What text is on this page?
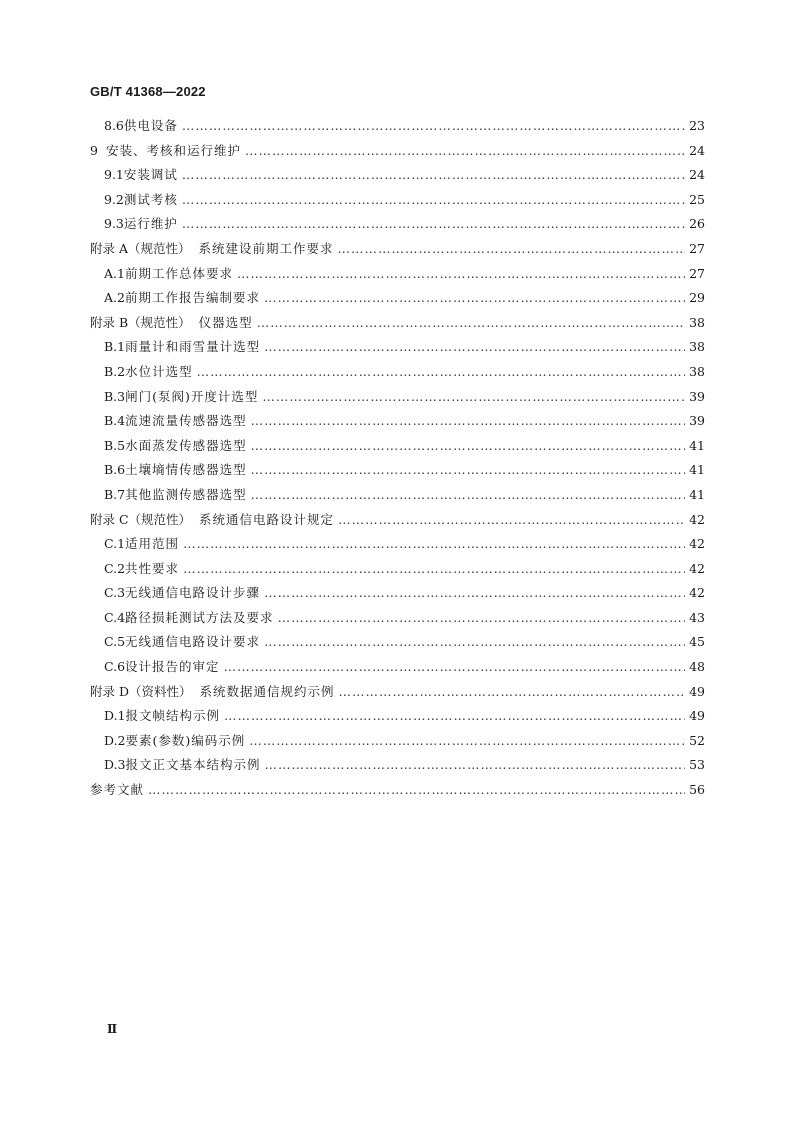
GB/T 41368—2022
8.6 供电设备 …………………………………………………………………………………………………………………………………………………………………………………………	23
9 安装、考核和运行维护 …………………………………………………………………………………………………………………………………………………………………………………………	24
9.1 安装调试 …………………………………………………………………………………………………………………………………………………………………………………………	24
9.2 测试考核 …………………………………………………………………………………………………………………………………………………………………………………………	25
9.3 运行维护 …………………………………………………………………………………………………………………………………………………………………………………………	26
附录 A（规范性） 系统建设前期工作要求 …………………………………………………………………………………………………………………………………………………………………………………………	27
A.1 前期工作总体要求 …………………………………………………………………………………………………………………………………………………………………………………………	27
A.2 前期工作报告编制要求 …………………………………………………………………………………………………………………………………………………………………………………………	29
附录 B（规范性） 仪器选型 …………………………………………………………………………………………………………………………………………………………………………………………	38
B.1 雨量计和雨雪量计选型 …………………………………………………………………………………………………………………………………………………………………………………………	38
B.2 水位计选型 …………………………………………………………………………………………………………………………………………………………………………………………	38
B.3 闸门(泵阀)开度计选型 …………………………………………………………………………………………………………………………………………………………………………………………	39
B.4 流速流量传感器选型 …………………………………………………………………………………………………………………………………………………………………………………………	39
B.5 水面蒸发传感器选型 …………………………………………………………………………………………………………………………………………………………………………………………	41
B.6 土壤墒情传感器选型 …………………………………………………………………………………………………………………………………………………………………………………………	41
B.7 其他监测传感器选型 …………………………………………………………………………………………………………………………………………………………………………………………	41
附录 C（规范性） 系统通信电路设计规定 …………………………………………………………………………………………………………………………………………………………………………………………	42
C.1 适用范围 …………………………………………………………………………………………………………………………………………………………………………………………	42
C.2 共性要求 …………………………………………………………………………………………………………………………………………………………………………………………	42
C.3 无线通信电路设计步骤 …………………………………………………………………………………………………………………………………………………………………………………………	42
C.4 路径损耗测试方法及要求 …………………………………………………………………………………………………………………………………………………………………………………………	43
C.5 无线通信电路设计要求 …………………………………………………………………………………………………………………………………………………………………………………………	45
C.6 设计报告的审定 …………………………………………………………………………………………………………………………………………………………………………………………	48
附录 D（资料性） 系统数据通信规约示例 …………………………………………………………………………………………………………………………………………………………………………………………	49
D.1 报文帧结构示例 …………………………………………………………………………………………………………………………………………………………………………………………	49
D.2 要素(参数)编码示例 …………………………………………………………………………………………………………………………………………………………………………………………	52
D.3 报文正文基本结构示例 …………………………………………………………………………………………………………………………………………………………………………………………	53
参考文献 …………………………………………………………………………………………………………………………………………………………………………………………	56
Ⅱ
